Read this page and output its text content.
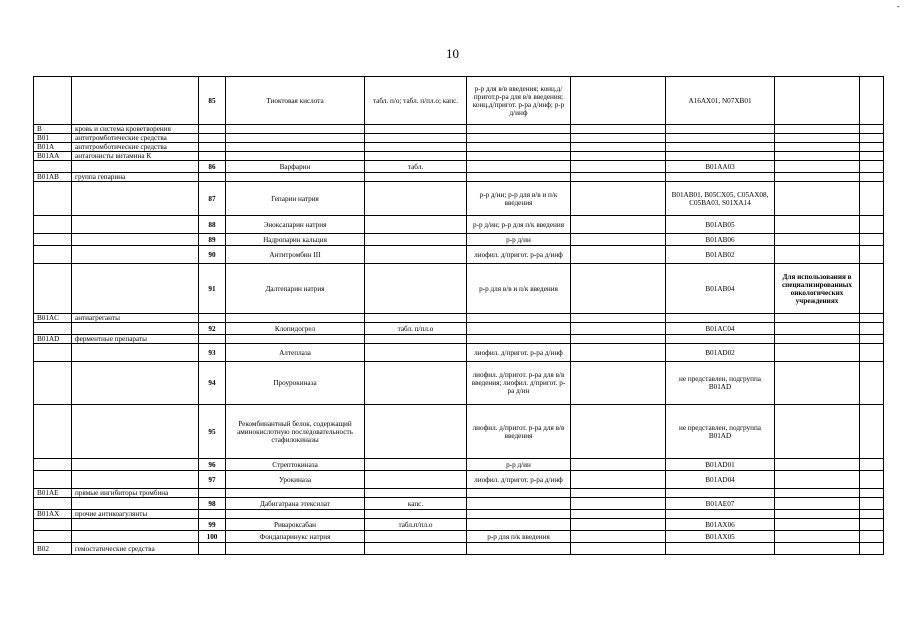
-
10
		85	Тиоктовая кислота	табл. п/о; табл. п/пл.о; капс.	р-р для в/в введения; конц.д/пригот.р-ра для в/в введения; конц.д/пригот. р-ра д/инф; р-р д/инф		A16AX01, N07XB01		
B	кровь и система кроветворения								
B01	антитромботические средства								
B01A	антитромботические средства								
B01AA	антагонисты витамина К								
		86	Варфарин	табл.			B01AA03		
B01AB	группа гепарина								
		87	Гепарин натрия		р-р д/ин; р-р для в/в и п/к введения		B01AB01, B05CX05, C05AX08, C05BA03, S01XA14		
		88	Эноксапарин натрия		р-р д/ин; р-р для п/к введения		B01AB05		
		89	Надропарин кальция		р-р д/ин		B01AB06		
		90	Антитромбин III		лиофил. д/пригот. р-ра д/инф		B01AB02		
		91	Далтепарин натрия		р-р для в/в и п/к введения		B01AB04	Для использования в специализированных онкологических учреждениях	
B01AC	антиагреганты								
		92	Клопидогрел	табл. п/пл.о			B01AC04		
B01AD	ферментные препараты								
		93	Алтеплаза		лиофил. д/пригот. р-ра д/инф		B01AD02		
		94	Проурокиназа		лиофил. д/пригот. р-ра для в/в введения; лиофил. д/пригот. р-ра д/ин		не представлен, подгруппа B01AD		
		95	Рекомбинантный белок, содержащий аминокислотную последовательность стафилокиназы		лиофил. д/пригот. р-ра для в/в введения		не представлен, подгруппа B01AD		
		96	Стрептокиназа		р-р д/ин		B01AD01		
		97	Урокиназа		лиофил. д/пригот. р-ра д/инф		B01AD04		
B01AE	прямые ингибиторы тромбина								
		98	Дабигатрана этексилат	капс.			B01AE07		
B01AX	прочие антикоагулянты								
		99	Ривароксабан	табл.п/пл.о			B01AX06		
		100	Фондапаринукс натрия		р-р для п/к введения		B01AX05		
B02	гемостатические средства								
